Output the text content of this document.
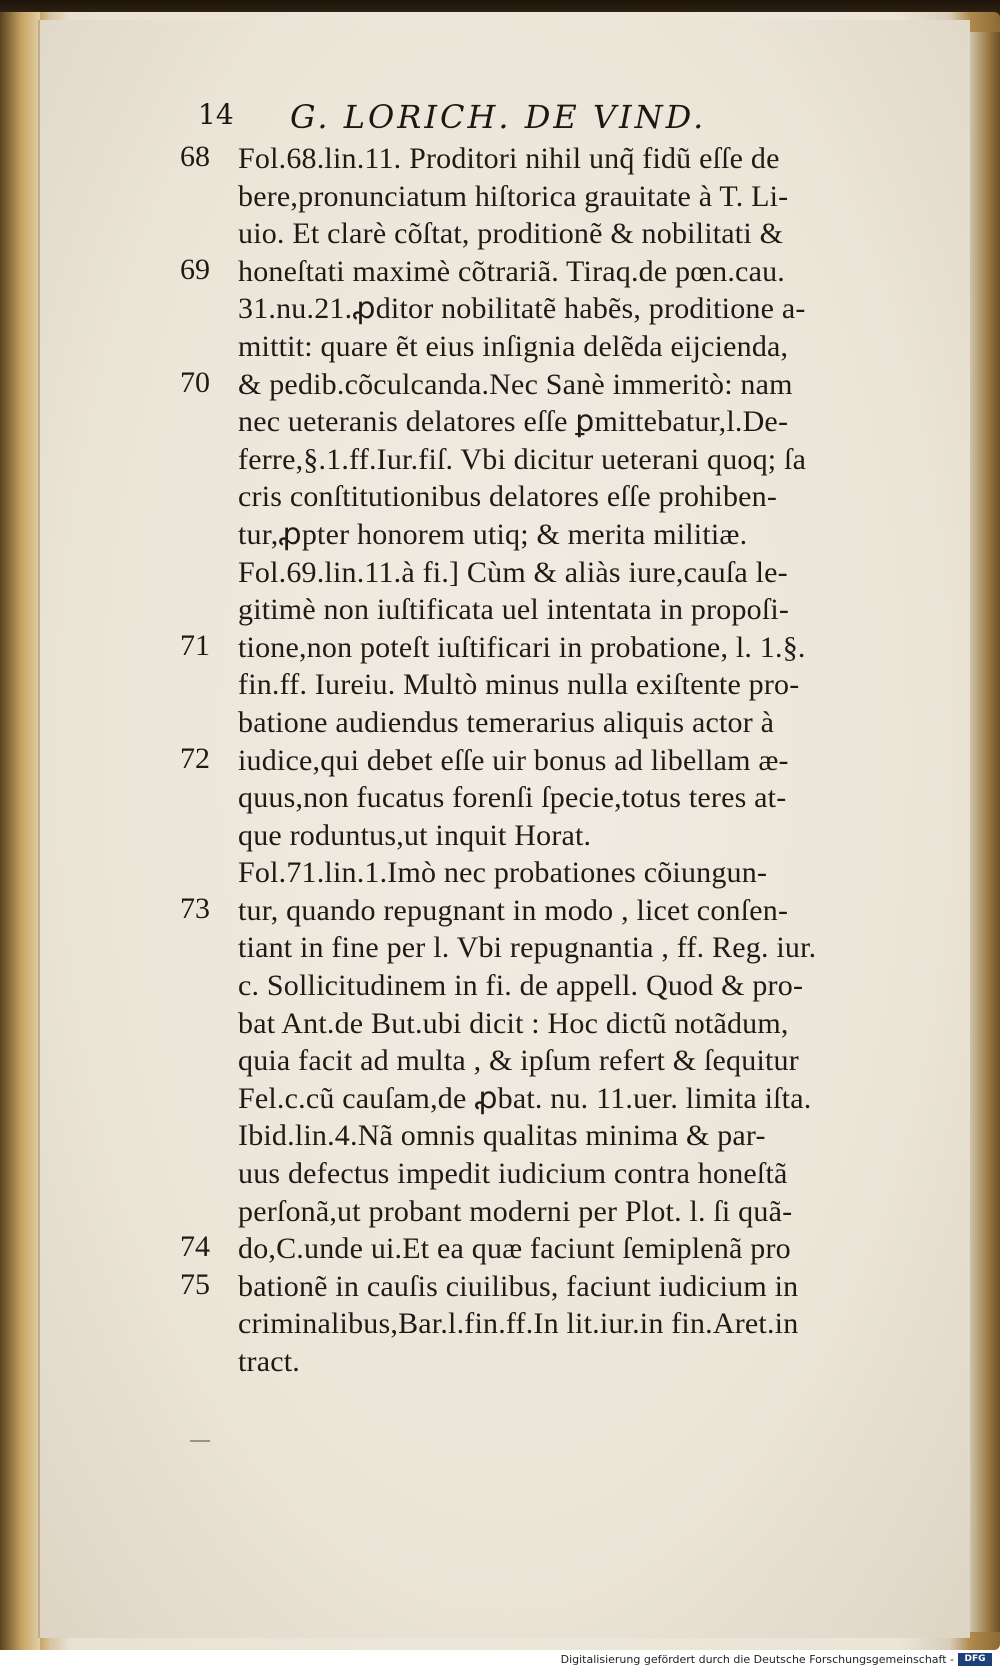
14 G. LORICH. DE VIND.
Fol.68.lin.11. Proditori nihil unq̃ fidũ eſſe de
bere,pronunciatum hiſtorica grauitate à T. Li-
uio. Et clarè cõſtat, proditionẽ & nobilitati &
honeſtati maximè cõtrariã. Tiraq.de pœn.cau.
31.nu.21.ꝓditor nobilitatẽ habẽs, proditione a-
mittit: quare ẽt eius inſignia delẽda eijcienda,
& pedib.cõculcanda.Nec Sanè immeritò: nam
nec ueteranis delatores eſſe ꝑmittebatur,l.De-
ferre,§.1.ff.Iur.fiſ. Vbi dicitur ueterani quoq; ſa
cris conſtitutionibus delatores eſſe prohiben-
tur,ꝓpter honorem utiq; & merita militiæ.
Fol.69.lin.11.à fi.] Cùm & aliàs iure,cauſa le-
gitimè non iuſtificata uel intentata in propoſi-
tione,non poteſt iuſtificari in probatione, l. 1.§.
fin.ff. Iureiu. Multò minus nulla exiſtente pro-
batione audiendus temerarius aliquis actor à
iudice,qui debet eſſe uir bonus ad libellam æ-
quus,non fucatus forenſi ſpecie,totus teres at-
que roduntus,ut inquit Horat.
Fol.71.lin.1.Imò nec probationes cõiungun-
tur, quando repugnant in modo , licet conſen-
tiant in fine per l. Vbi repugnantia , ff. Reg. iur.
c. Sollicitudinem in fi. de appell. Quod & pro-
bat Ant.de But.ubi dicit : Hoc dictũ notãdum,
quia facit ad multa , & ipſum refert & ſequitur
Fel.c.cũ cauſam,de ꝓbat. nu. 11.uer. limita iſta.
Ibid.lin.4.Nã omnis qualitas minima & par-
uus defectus impedit iudicium contra honeſtã
perſonã,ut probant moderni per Plot. l. ſi quã-
do,C.unde ui.Et ea quæ faciunt ſemiplenã pro
bationẽ in cauſis ciuilibus, faciunt iudicium in
criminalibus,Bar.l.fin.ff.In lit.iur.in fin.Aret.in
tract.
68
69
70
71
72
73
74
75
Digitalisierung gefördert durch die Deutsche Forschungsgemeinschaft -	DFG
